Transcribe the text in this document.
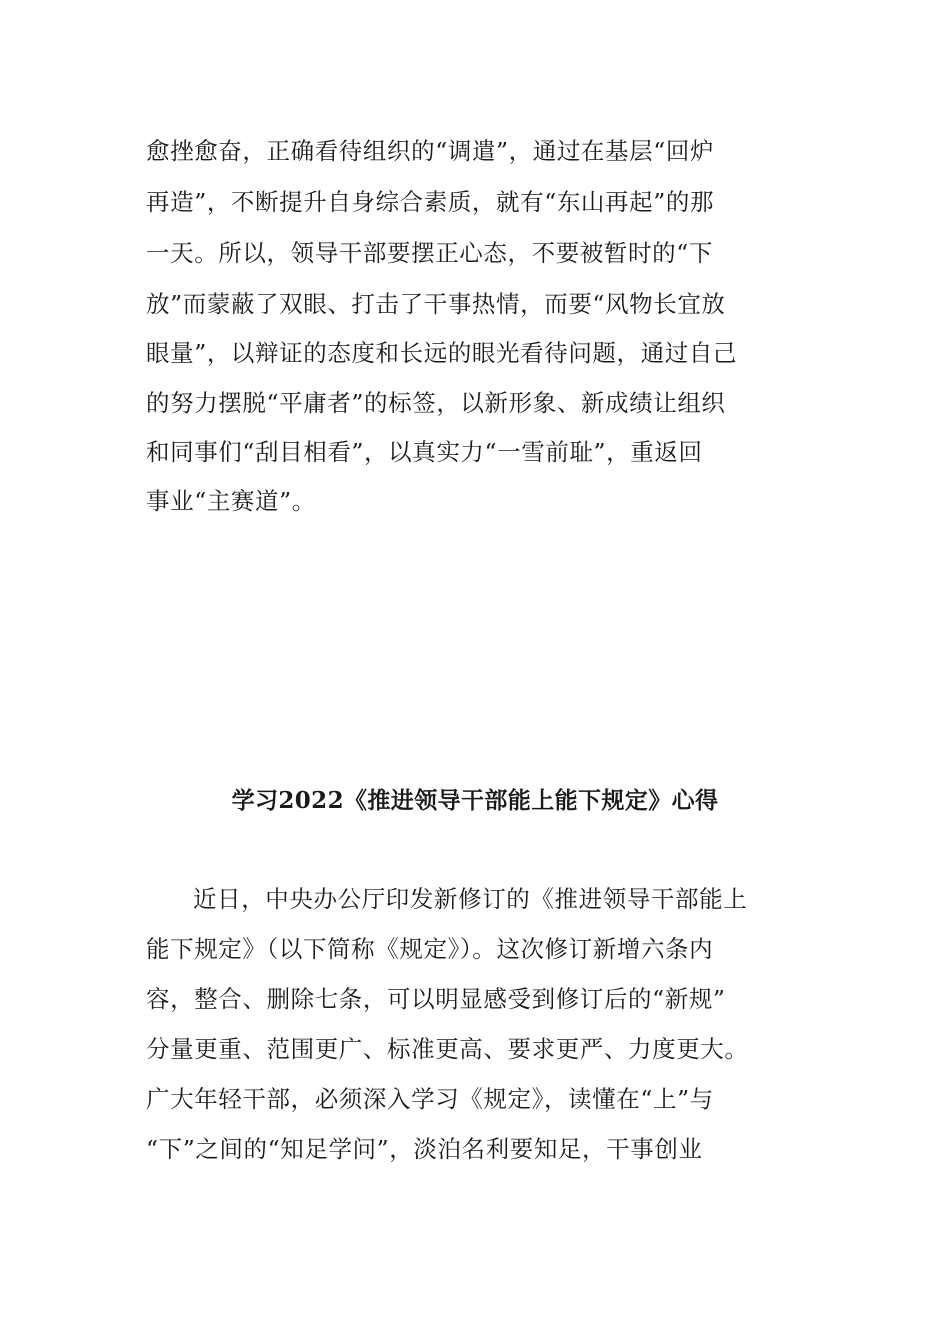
愈挫愈奋，正确看待组织的“调遣”，通过在基层“回炉
再造”，不断提升自身综合素质，就有“东山再起”的那
一天。所以，领导干部要摆正心态，不要被暂时的“下
放”而蒙蔽了双眼、打击了干事热情，而要“风物长宜放
眼量”，以辩证的态度和长远的眼光看待问题，通过自己
的努力摆脱“平庸者”的标签，以新形象、新成绩让组织
和同事们“刮目相看”，以真实力“一雪前耻”，重返回
事业“主赛道”。
学习2022《推进领导干部能上能下规定》心得
近日，中央办公厅印发新修订的《推进领导干部能上
能下规定》（以下简称《规定》）。这次修订新增六条内
容，整合、删除七条，可以明显感受到修订后的“新规”
分量更重、范围更广、标准更高、要求更严、力度更大。
广大年轻干部，必须深入学习《规定》，读懂在“上”与
“下”之间的“知足学问”，淡泊名利要知足，干事创业
